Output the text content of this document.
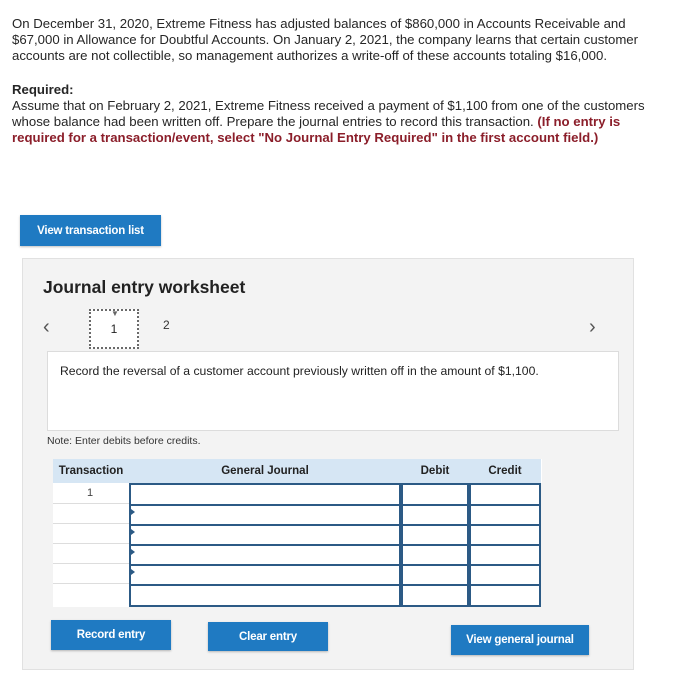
On December 31, 2020, Extreme Fitness has adjusted balances of $860,000 in Accounts Receivable and $67,000 in Allowance for Doubtful Accounts. On January 2, 2021, the company learns that certain customer accounts are not collectible, so management authorizes a write-off of these accounts totaling $16,000.

Required:

Assume that on February 2, 2021, Extreme Fitness received a payment of $1,100 from one of the customers whose balance had been written off. Prepare the journal entries to record this transaction. (If no entry is required for a transaction/event, select "No Journal Entry Required" in the first account field.)

View transaction list
Journal entry worksheet
‹
▼
1	2	›
Record the reversal of a customer account previously written off in the amount of $1,100.
Note: Enter debits before credits.
Transaction	General Journal	Debit	Credit
1
Record entry	Clear entry	View general journal
